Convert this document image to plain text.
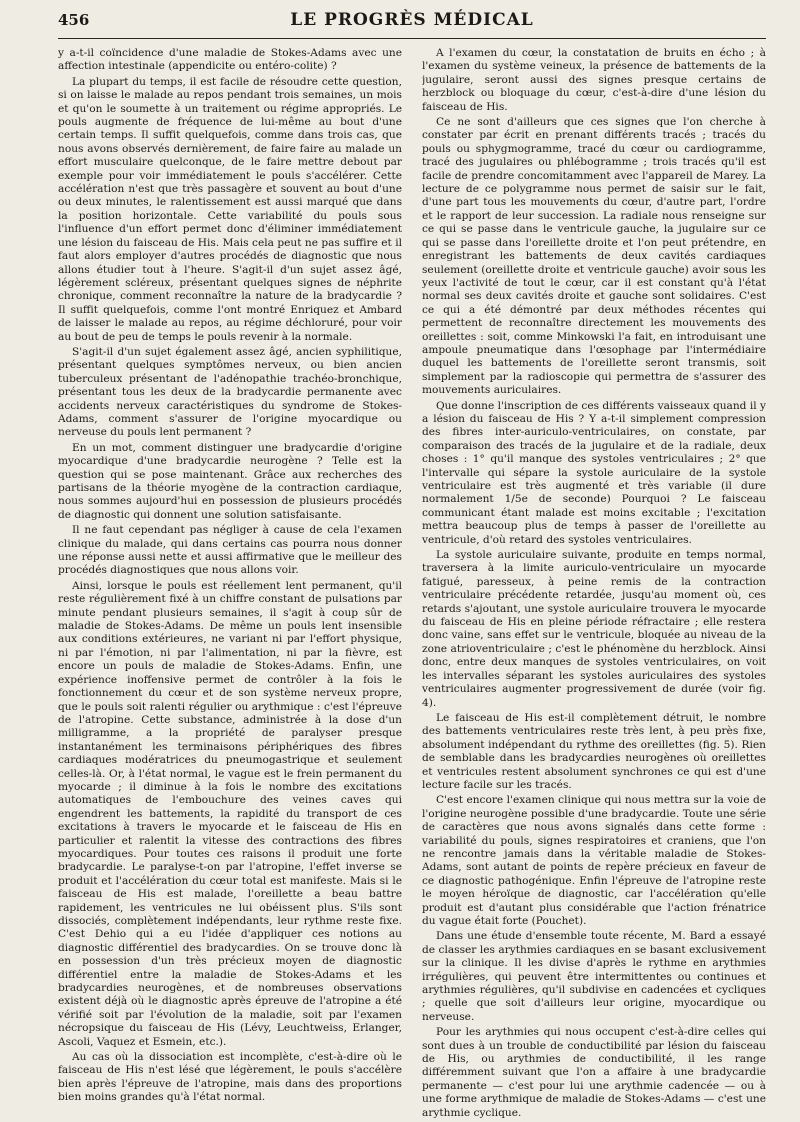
456	LE PROGRÈS MÉDICAL

y a-t-il coïncidence d'une maladie de Stokes-Adams avec une affection intestinale (appendicite ou entéro-colite) ?

La plupart du temps, il est facile de résoudre cette question, si on laisse le malade au repos pendant trois semaines, un mois et qu'on le soumette à un traitement ou régime appropriés. Le pouls augmente de fréquence de lui-même au bout d'une certain temps. Il suffit quelquefois, comme dans trois cas, que nous avons observés dernièrement, de faire faire au malade un effort musculaire quelconque, de le faire mettre debout par exemple pour voir immédiatement le pouls s'accélérer. Cette accélération n'est que très passagère et souvent au bout d'une ou deux minutes, le ralentissement est aussi marqué que dans la position horizontale. Cette variabilité du pouls sous l'influence d'un effort permet donc d'éliminer immédiatement une lésion du faisceau de His. Mais cela peut ne pas suffire et il faut alors employer d'autres procédés de diagnostic que nous allons étudier tout à l'heure. S'agit-il d'un sujet assez âgé, légèrement scléreux, présentant quelques signes de néphrite chronique, comment reconnaître la nature de la bradycardie ? Il suffit quelquefois, comme l'ont montré Enriquez et Ambard de laisser le malade au repos, au régime déchloruré, pour voir au bout de peu de temps le pouls revenir à la normale.

S'agit-il d'un sujet également assez âgé, ancien syphilitique, présentant quelques symptômes nerveux, ou bien ancien tuberculeux présentant de l'adénopathie trachéo-bronchique, présentant tous les deux de la bradycardie permanente avec accidents nerveux caractéristiques du syndrome de Stokes-Adams, comment s'assurer de l'origine myocardique ou nerveuse du pouls lent permanent ?

En un mot, comment distinguer une bradycardie d'origine myocardique d'une bradycardie neurogène ? Telle est la question qui se pose maintenant. Grâce aux recherches des partisans de la théorie myogène de la contraction cardiaque, nous sommes aujourd'hui en possession de plusieurs procédés de diagnostic qui donnent une solution satisfaisante.

Il ne faut cependant pas négliger à cause de cela l'examen clinique du malade, qui dans certains cas pourra nous donner une réponse aussi nette et aussi affirmative que le meilleur des procédés diagnostiques que nous allons voir.

Ainsi, lorsque le pouls est réellement lent permanent, qu'il reste régulièrement fixé à un chiffre constant de pulsations par minute pendant plusieurs semaines, il s'agit à coup sûr de maladie de Stokes-Adams. De même un pouls lent insensible aux conditions extérieures, ne variant ni par l'effort physique, ni par l'émotion, ni par l'alimentation, ni par la fièvre, est encore un pouls de maladie de Stokes-Adams. Enfin, une expérience inoffensive permet de contrôler à la fois le fonctionnement du cœur et de son système nerveux propre, que le pouls soit ralenti régulier ou arythmique : c'est l'épreuve de l'atropine. Cette substance, administrée à la dose d'un milligramme, a la propriété de paralyser presque instantanément les terminaisons périphériques des fibres cardiaques modératrices du pneumogastrique et seulement celles-là. Or, à l'état normal, le vague est le frein permanent du myocarde ; il diminue à la fois le nombre des excitations automatiques de l'embouchure des veines caves qui engendrent les battements, la rapidité du transport de ces excitations à travers le myocarde et le faisceau de His en particulier et ralentit la vitesse des contractions des fibres myocardiques. Pour toutes ces raisons il produit une forte bradycardie. Le paralyse-t-on par l'atropine, l'effet inverse se produit et l'accélération du cœur total est manifeste. Mais si le faisceau de His est malade, l'oreillette a beau battre rapidement, les ventricules ne lui obéissent plus. S'ils sont dissociés, complètement indépendants, leur rythme reste fixe. C'est Dehio qui a eu l'idée d'appliquer ces notions au diagnostic différentiel des bradycardies. On se trouve donc là en possession d'un très précieux moyen de diagnostic différentiel entre la maladie de Stokes-Adams et les bradycardies neurogènes, et de nombreuses observations existent déjà où le diagnostic après épreuve de l'atropine a été vérifié soit par l'évolution de la maladie, soit par l'examen nécropsique du faisceau de His (Lévy, Leuchtweiss, Erlanger, Ascoli, Vaquez et Esmein, etc.).

Au cas où la dissociation est incomplète, c'est-à-dire où le faisceau de His n'est lésé que légèrement, le pouls s'accélère bien après l'épreuve de l'atropine, mais dans des proportions bien moins grandes qu'à l'état normal.

A l'examen du cœur, la constatation de bruits en écho ; à l'examen du système veineux, la présence de battements de la jugulaire, seront aussi des signes presque certains de herzblock ou bloquage du cœur, c'est-à-dire d'une lésion du faisceau de His.

Ce ne sont d'ailleurs que ces signes que l'on cherche à constater par écrit en prenant différents tracés ; tracés du pouls ou sphygmogramme, tracé du cœur ou cardiogramme, tracé des jugulaires ou phlébogramme ; trois tracés qu'il est facile de prendre concomitamment avec l'appareil de Marey. La lecture de ce polygramme nous permet de saisir sur le fait, d'une part tous les mouvements du cœur, d'autre part, l'ordre et le rapport de leur succession. La radiale nous renseigne sur ce qui se passe dans le ventricule gauche, la jugulaire sur ce qui se passe dans l'oreillette droite et l'on peut prétendre, en enregistrant les battements de deux cavités cardiaques seulement (oreillette droite et ventricule gauche) avoir sous les yeux l'activité de tout le cœur, car il est constant qu'à l'état normal ses deux cavités droite et gauche sont solidaires. C'est ce qui a été démontré par deux méthodes récentes qui permettent de reconnaître directement les mouvements des oreillettes : soit, comme Minkowski l'a fait, en introduisant une ampoule pneumatique dans l'œsophage par l'intermédiaire duquel les battements de l'oreillette seront transmis, soit simplement par la radioscopie qui permettra de s'assurer des mouvements auriculaires.

Que donne l'inscription de ces différents vaisseaux quand il y a lésion du faisceau de His ? Y a-t-il simplement compression des fibres inter-auriculo-ventriculaires, on constate, par comparaison des tracés de la jugulaire et de la radiale, deux choses : 1° qu'il manque des systoles ventriculaires ; 2° que l'intervalle qui sépare la systole auriculaire de la systole ventriculaire est très augmenté et très variable (il dure normalement 1/5e de seconde) Pourquoi ? Le faisceau communicant étant malade est moins excitable ; l'excitation mettra beaucoup plus de temps à passer de l'oreillette au ventricule, d'où retard des systoles ventriculaires.

La systole auriculaire suivante, produite en temps normal, traversera à la limite auriculo-ventriculaire un myocarde fatigué, paresseux, à peine remis de la contraction ventriculaire précédente retardée, jusqu'au moment où, ces retards s'ajoutant, une systole auriculaire trouvera le myocarde du faisceau de His en pleine période réfractaire ; elle restera donc vaine, sans effet sur le ventricule, bloquée au niveau de la zone atrioventriculaire ; c'est le phénomène du herzblock. Ainsi donc, entre deux manques de systoles ventriculaires, on voit les intervalles séparant les systoles auriculaires des systoles ventriculaires augmenter progressivement de durée (voir fig. 4).

Le faisceau de His est-il complètement détruit, le nombre des battements ventriculaires reste très lent, à peu près fixe, absolument indépendant du rythme des oreillettes (fig. 5). Rien de semblable dans les bradycardies neurogènes où oreillettes et ventricules restent absolument synchrones ce qui est d'une lecture facile sur les tracés.

C'est encore l'examen clinique qui nous mettra sur la voie de l'origine neurogène possible d'une bradycardie. Toute une série de caractères que nous avons signalés dans cette forme : variabilité du pouls, signes respiratoires et craniens, que l'on ne rencontre jamais dans la véritable maladie de Stokes-Adams, sont autant de points de repère précieux en faveur de ce diagnostic pathogénique. Enfin l'épreuve de l'atropine reste le moyen héroïque de diagnostic, car l'accélération qu'elle produit est d'autant plus considérable que l'action frénatrice du vague était forte (Pouchet).

Dans une étude d'ensemble toute récente, M. Bard a essayé de classer les arythmies cardiaques en se basant exclusivement sur la clinique. Il les divise d'après le rythme en arythmies irrégulières, qui peuvent être intermittentes ou continues et arythmies régulières, qu'il subdivise en cadencées et cycliques ; quelle que soit d'ailleurs leur origine, myocardique ou nerveuse.

Pour les arythmies qui nous occupent c'est-à-dire celles qui sont dues à un trouble de conductibilité par lésion du faisceau de His, ou arythmies de conductibilité, il les range différemment suivant que l'on a affaire à une bradycardie permanente — c'est pour lui une arythmie cadencée — ou à une forme arythmique de maladie de Stokes-Adams — c'est une arythmie cyclique.
